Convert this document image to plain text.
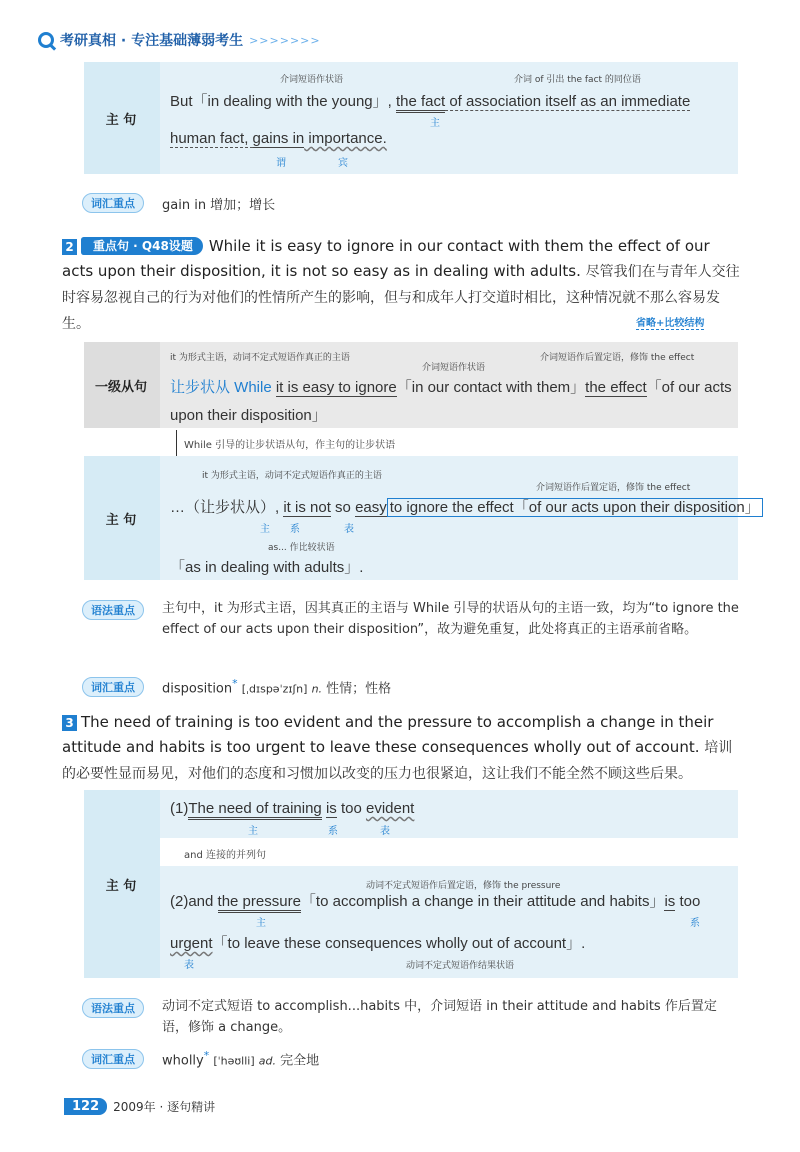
考研真相 · 专注基础薄弱考生 >>>>>>>
主 句
介词短语作状语	介词 of 引出 the fact 的同位语
But「in dealing with the young」, the fact of association itself as an immediate
主
human fact, gains in importance.
谓	宾
词汇重点	gain in 增加；增长
2 重点句 · Q48设题 While it is easy to ignore in our contact with them the effect of our acts upon their disposition, it is not so easy as in dealing with adults. 尽管我们在与青年人交往时容易忽视自己的行为对他们的性情所产生的影响，但与和成年人打交道时相比，这种情况就不那么容易发生。	省略+比较结构
一级从句
it 为形式主语，动词不定式短语作真正的主语
介词短语作状语
介词短语作后置定语，修饰 the effect
让步状从 While it is easy to ignore「in our contact with them」the effect「of our acts
upon their disposition」
While 引导的让步状语从句，作主句的让步状语
主 句
it 为形式主语，动词不定式短语作真正的主语
介词短语作后置定语，修饰 the effect
…（让步状从）, it is not so easy to ignore the effect「of our acts upon their disposition」
主 系	表
as... 作比较状语
「as in dealing with adults」.
语法重点	主句中，it 为形式主语，因其真正的主语与 While 引导的状语从句的主语一致，均为“to ignore the effect of our acts upon their disposition”，故为避免重复，此处将真正的主语承前省略。
词汇重点	disposition* [ˌdɪspəˈzɪʃn] n. 性情；性格
3 The need of training is too evident and the pressure to accomplish a change in their attitude and habits is too urgent to leave these consequences wholly out of account. 培训的必要性显而易见，对他们的态度和习惯加以改变的压力也很紧迫，这让我们不能全然不顾这些后果。
主 句
(1)The need of training is too evident
主	系	表
and 连接的并列句
动词不定式短语作后置定语，修饰 the pressure
(2)and the pressure「to accomplish a change in their attitude and habits」is too
主	系
urgent「to leave these consequences wholly out of account」.
表	动词不定式短语作结果状语
语法重点	动词不定式短语 to accomplish...habits 中，介词短语 in their attitude and habits 作后置定语，修饰 a change。
词汇重点	wholly* [ˈhəʊlli] ad. 完全地
122	2009年 · 逐句精讲
